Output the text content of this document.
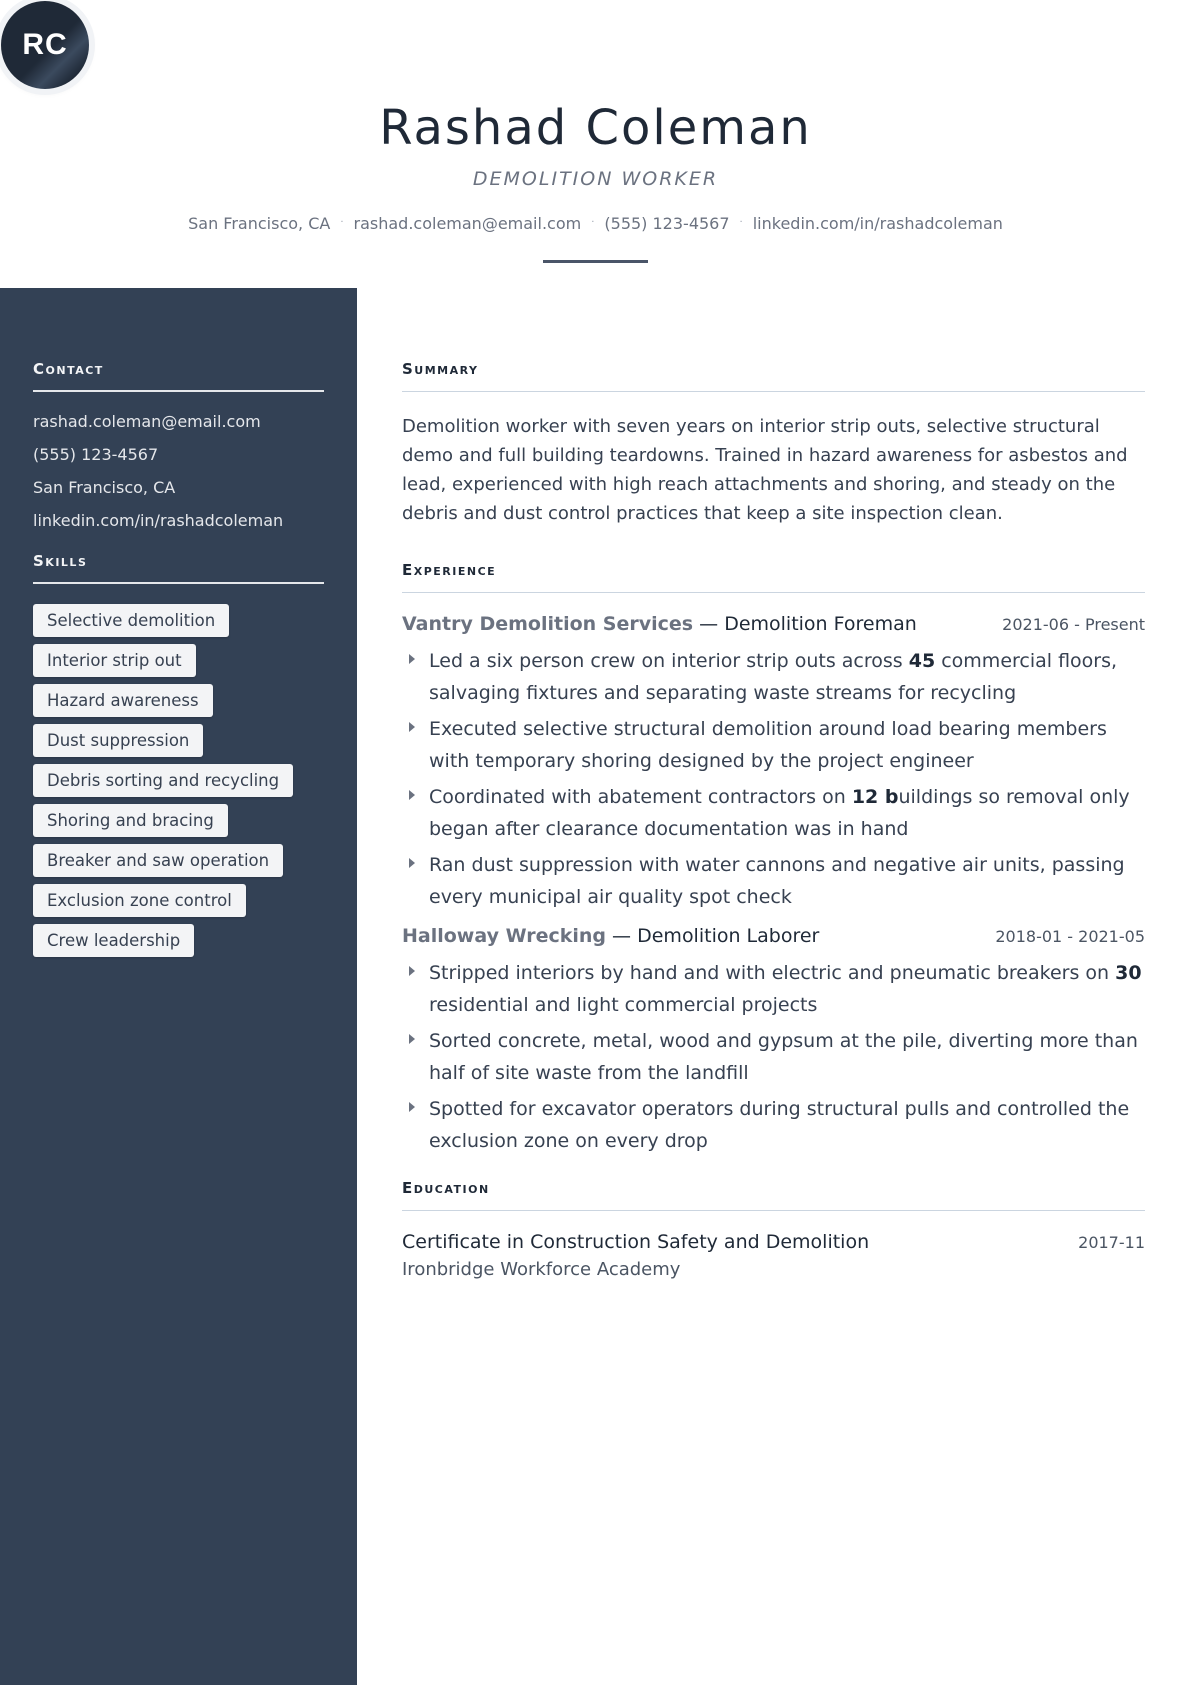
RC
Rashad Coleman
DEMOLITION WORKER
San Francisco, CA · rashad.coleman@email.com · (555) 123-4567 · linkedin.com/in/rashadcoleman
Contact
rashad.coleman@email.com
(555) 123-4567
San Francisco, CA
linkedin.com/in/rashadcoleman
Skills
Selective demolition
Interior strip out
Hazard awareness
Dust suppression
Debris sorting and recycling
Shoring and bracing
Breaker and saw operation
Exclusion zone control
Crew leadership
Summary

Demolition worker with seven years on interior strip outs, selective structural demo and full building teardowns. Trained in hazard awareness for asbestos and lead, experienced with high reach attachments and shoring, and steady on the debris and dust control practices that keep a site inspection clean.

Experience
Vantry Demolition Services — Demolition Foreman	2021-06 - Present
Led a six person crew on interior strip outs across 45 commercial floors, salvaging fixtures and separating waste streams for recycling
Executed selective structural demolition around load bearing members with temporary shoring designed by the project engineer
Coordinated with abatement contractors on 12 buildings so removal only began after clearance documentation was in hand
Ran dust suppression with water cannons and negative air units, passing every municipal air quality spot check
Halloway Wrecking — Demolition Laborer	2018-01 - 2021-05
Stripped interiors by hand and with electric and pneumatic breakers on 30 residential and light commercial projects
Sorted concrete, metal, wood and gypsum at the pile, diverting more than half of site waste from the landfill
Spotted for excavator operators during structural pulls and controlled the exclusion zone on every drop
Education
Certificate in Construction Safety and Demolition	2017-11
Ironbridge Workforce Academy
